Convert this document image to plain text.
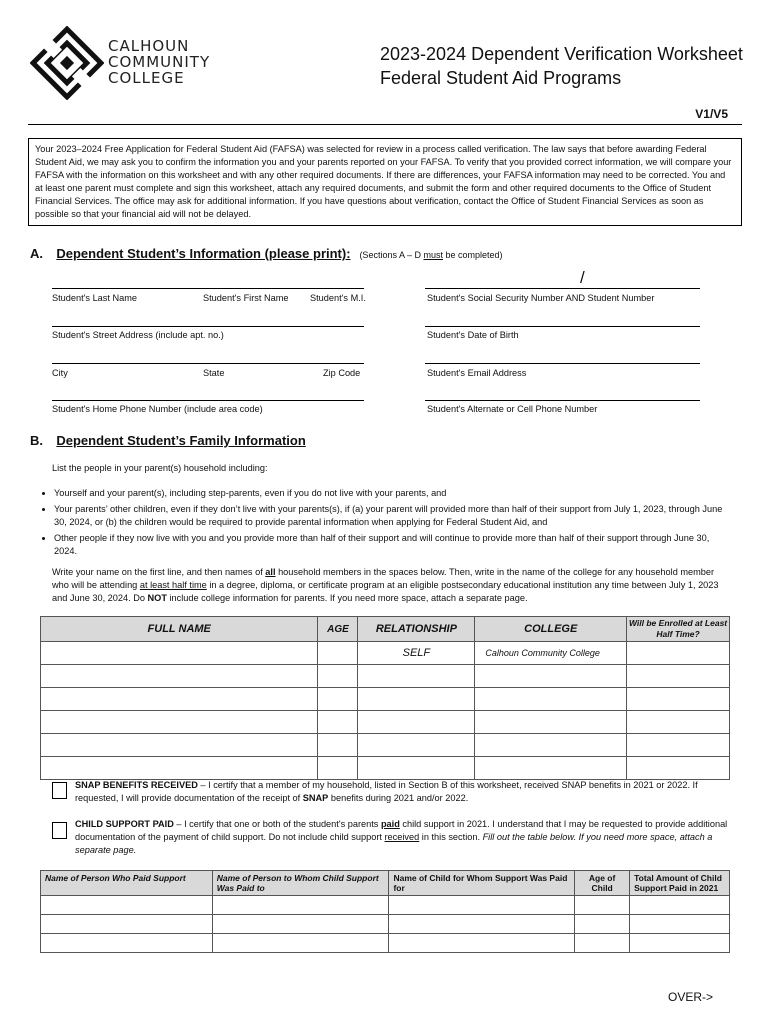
CALHOUN
COMMUNITY
COLLEGE
2023-2024 Dependent Verification Worksheet
Federal Student Aid Programs
V1/V5
Your 2023–2024 Free Application for Federal Student Aid (FAFSA) was selected for review in a process called verification. The law says that before awarding Federal Student Aid, we may ask you to confirm the information you and your parents reported on your FAFSA. To verify that you provided correct information, we will compare your FAFSA with the information on this worksheet and with any other required documents. If there are differences, your FAFSA information may need to be corrected. You and at least one parent must complete and sign this worksheet, attach any required documents, and submit the form and other required documents to the Office of Student Financial Services. The office may ask for additional information. If you have questions about verification, contact the Office of Student Financial Services as soon as possible so that your financial aid will not be delayed.
A. Dependent Student’s Information (please print): (Sections A – D must be completed)
/
Student's Last Name	Student's First Name Student's M.I.	Student's Social Security Number AND Student Number
Student's Street Address (include apt. no.)	Student's Date of Birth
City	State	Zip Code	Student's Email Address
Student's Home Phone Number (include area code)	Student's Alternate or Cell Phone Number
B. Dependent Student’s Family Information
List the people in your parent(s) household including:
• Yourself and your parent(s), including step-parents, even if you do not live with your parents, and
• Your parents’ other children, even if they don’t live with your parents(s), if (a) your parent will provided more than half of their support from July 1, 2023, through June 30, 2024, or (b) the children would be required to provide parental information when applying for Federal Student Aid, and
• Other people if they now live with you and you provide more than half of their support and will continue to provide more than half of their support through June 30, 2024.
Write your name on the first line, and then names of all household members in the spaces below. Then, write in the name of the college for any household member who will be attending at least half time in a degree, diploma, or certificate program at an eligible postsecondary educational institution any time between July 1, 2023 and June 30, 2024. Do NOT include college information for parents. If you need more space, attach a separate page.
FULL NAME	AGE	RELATIONSHIP	COLLEGE	Will be Enrolled at Least Half Time?
		SELF	Calhoun Community College	

SNAP BENEFITS RECEIVED – I certify that a member of my household, listed in Section B of this worksheet, received SNAP benefits in 2021 or 2022. If requested, I will provide documentation of the receipt of SNAP benefits during 2021 and/or 2022.
CHILD SUPPORT PAID – I certify that one or both of the student's parents paid child support in 2021. I understand that I may be requested to provide additional documentation of the payment of child support. Do not include child support received in this section. Fill out the table below. If you need more space, attach a separate page.
Name of Person Who Paid Support	Name of Person to Whom Child Support Was Paid to	Name of Child for Whom Support Was Paid for	Age of Child	Total Amount of Child Support Paid in 2021

OVER->
